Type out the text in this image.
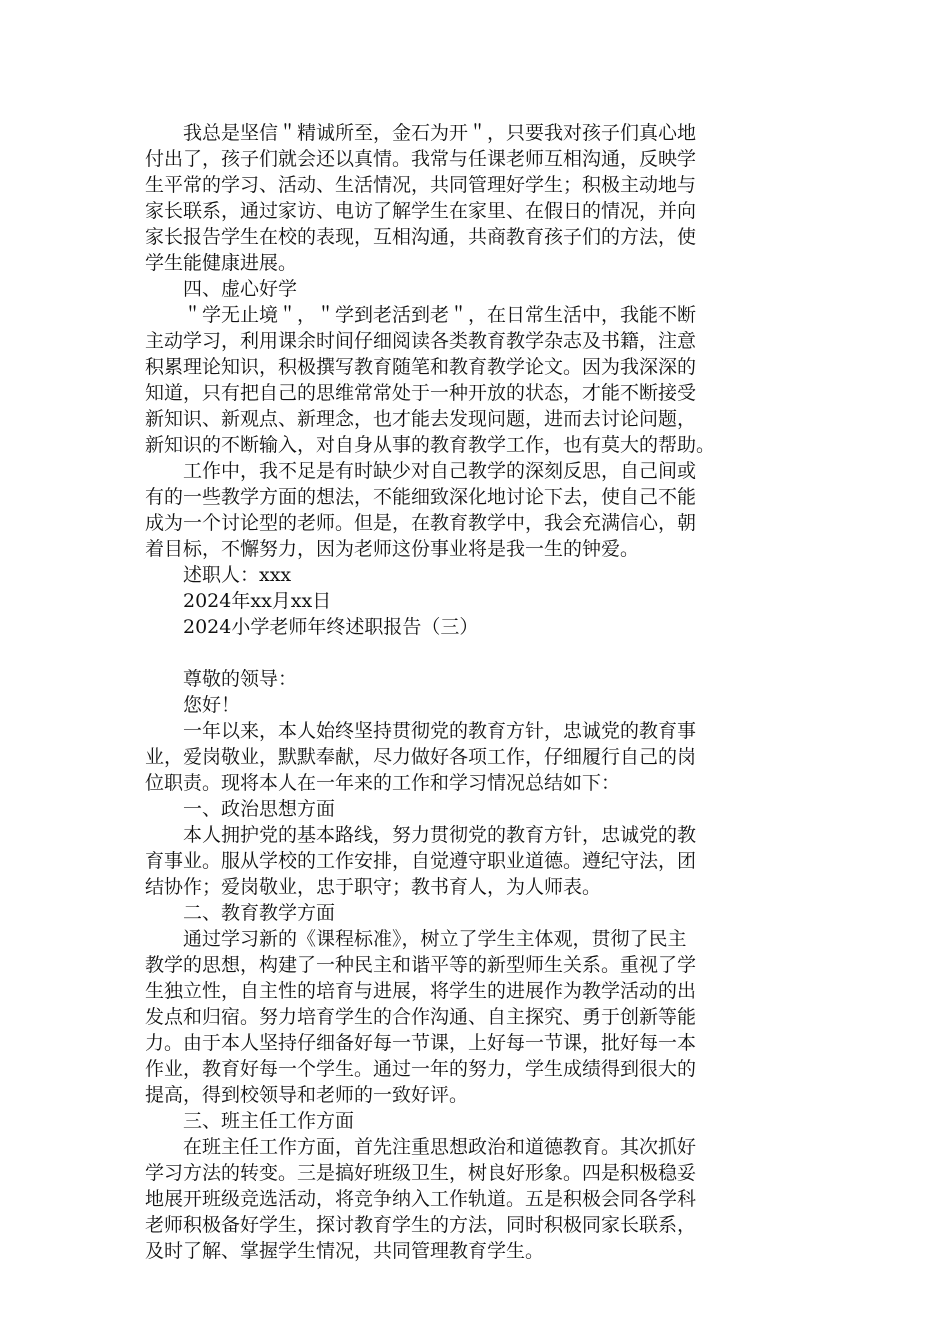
　　我总是坚信＂精诚所至，金石为开＂，只要我对孩子们真心地
付出了，孩子们就会还以真情。我常与任课老师互相沟通，反映学
生平常的学习、活动、生活情况，共同管理好学生；积极主动地与
家长联系，通过家访、电访了解学生在家里、在假日的情况，并向
家长报告学生在校的表现，互相沟通，共商教育孩子们的方法，使
学生能健康进展。
　　四、虚心好学
　　＂学无止境＂，＂学到老活到老＂，在日常生活中，我能不断
主动学习，利用课余时间仔细阅读各类教育教学杂志及书籍，注意
积累理论知识，积极撰写教育随笔和教育教学论文。因为我深深的
知道，只有把自己的思维常常处于一种开放的状态，才能不断接受
新知识、新观点、新理念，也才能去发现问题，进而去讨论问题，
新知识的不断输入，对自身从事的教育教学工作，也有莫大的帮助。
　　工作中，我不足是有时缺少对自己教学的深刻反思，自己间或
有的一些教学方面的想法，不能细致深化地讨论下去，使自己不能
成为一个讨论型的老师。但是，在教育教学中，我会充满信心，朝
着目标，不懈努力，因为老师这份事业将是我一生的钟爱。
　　述职人：xxx
　　2024年xx月xx日
　　2024小学老师年终述职报告（三）
　　尊敬的领导：
　　您好！
　　一年以来，本人始终坚持贯彻党的教育方针，忠诚党的教育事
业，爱岗敬业，默默奉献，尽力做好各项工作，仔细履行自己的岗
位职责。现将本人在一年来的工作和学习情况总结如下：
　　一、政治思想方面
　　本人拥护党的基本路线，努力贯彻党的教育方针，忠诚党的教
育事业。服从学校的工作安排，自觉遵守职业道德。遵纪守法，团
结协作；爱岗敬业，忠于职守；教书育人，为人师表。
　　二、教育教学方面
　　通过学习新的《课程标准》，树立了学生主体观，贯彻了民主
教学的思想，构建了一种民主和谐平等的新型师生关系。重视了学
生独立性，自主性的培育与进展，将学生的进展作为教学活动的出
发点和归宿。努力培育学生的合作沟通、自主探究、勇于创新等能
力。由于本人坚持仔细备好每一节课，上好每一节课，批好每一本
作业，教育好每一个学生。通过一年的努力，学生成绩得到很大的
提高，得到校领导和老师的一致好评。
　　三、班主任工作方面
　　在班主任工作方面，首先注重思想政治和道德教育。其次抓好
学习方法的转变。三是搞好班级卫生，树良好形象。四是积极稳妥
地展开班级竞选活动，将竞争纳入工作轨道。五是积极会同各学科
老师积极备好学生，探讨教育学生的方法，同时积极同家长联系，
及时了解、掌握学生情况，共同管理教育学生。
